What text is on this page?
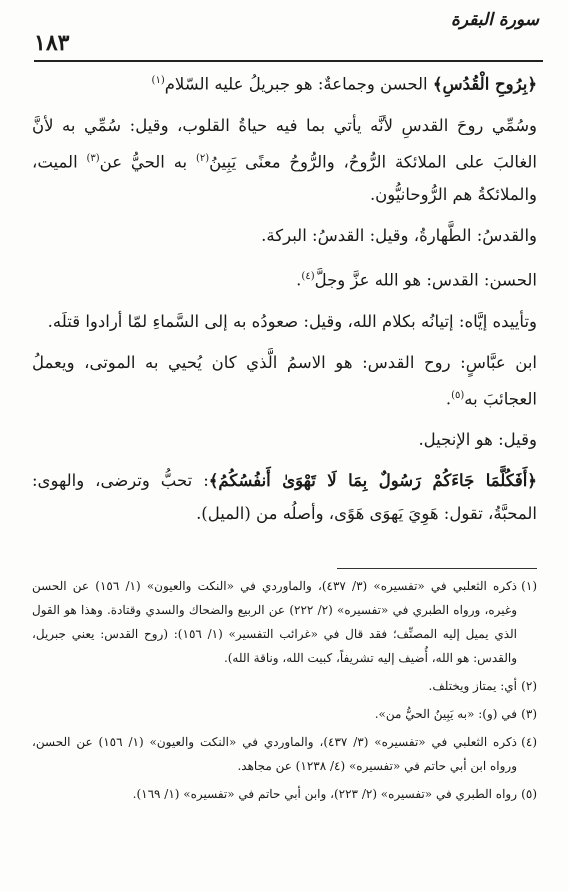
سورة البقرة
١٨٣

﴿بِرُوحِ الْقُدُسِ﴾ الحسن وجماعةٌ: هو جبريلُ عليه السّلام$^{(١)}$

وسُمِّي روحَ القدسِ لأنَّه يأتي بما فيه حياةُ القلوب، وقيل: سُمِّي به لأنَّ الغالبَ على الملائكة الرُّوحُ، والرُّوحُ معنًى يَبِينُ$^{(٢)}$ به الحيُّ عن$^{(٣)}$ الميت، والملائكةُ هم الرُّوحانيُّون.

والقدسُ: الطَّهارةُ، وقيل: القدسُ: البركة.

الحسن: القدس: هو الله عزَّ وجلَّ$^{(٤)}$.

وتأييده إيَّاه: إتيانُه بكلام الله، وقيل: صعودُه به إلى السَّماءِ لمّا أرادوا قتلَه.

ابن عبَّاسٍ: روح القدس: هو الاسمُ الَّذي كان يُحيي به الموتى، ويعملُ العجائبَ به$^{(٥)}$.

وقيل: هو الإنجيل.

﴿أَفَكُلَّمَا جَاءَكُمْ رَسُولٌ بِمَا لَا تَهْوَىٰ أَنفُسُكُمُ﴾: تحبُّ وترضى، والهوى: المحبَّةُ، تقول: هَوِيَ يَهوَى هَوًى، وأصلُه من (الميل).

(١)
ذكره الثعلبي في «تفسيره» (٣/ ٤٣٧)، والماوردي في «النكت والعيون» (١/ ١٥٦) عن الحسن وغيره، ورواه الطبري في «تفسيره» (٢/ ٢٢٢) عن الربيع والضحاك والسدي وقتادة. وهذا هو القول الذي يميل إليه المصنِّف؛ فقد قال في «غرائب التفسير» (١/ ١٥٦): (روح القدس: يعني جبريل، والقدس: هو الله، أُضيف إليه تشريفاً، كبيت الله، وناقة الله).

(٢)
أي: يمتاز ويختلف.

(٣)
في (و): «به يَبِينُ الحيُّ من».

(٤)
ذكره الثعلبي في «تفسيره» (٣/ ٤٣٧)، والماوردي في «النكت والعيون» (١/ ١٥٦) عن الحسن، ورواه ابن أبي حاتم في «تفسيره» (٤/ ١٢٣٨) عن مجاهد.

(٥)
رواه الطبري في «تفسيره» (٢/ ٢٢٣)، وابن أبي حاتم في «تفسيره» (١/ ١٦٩).
